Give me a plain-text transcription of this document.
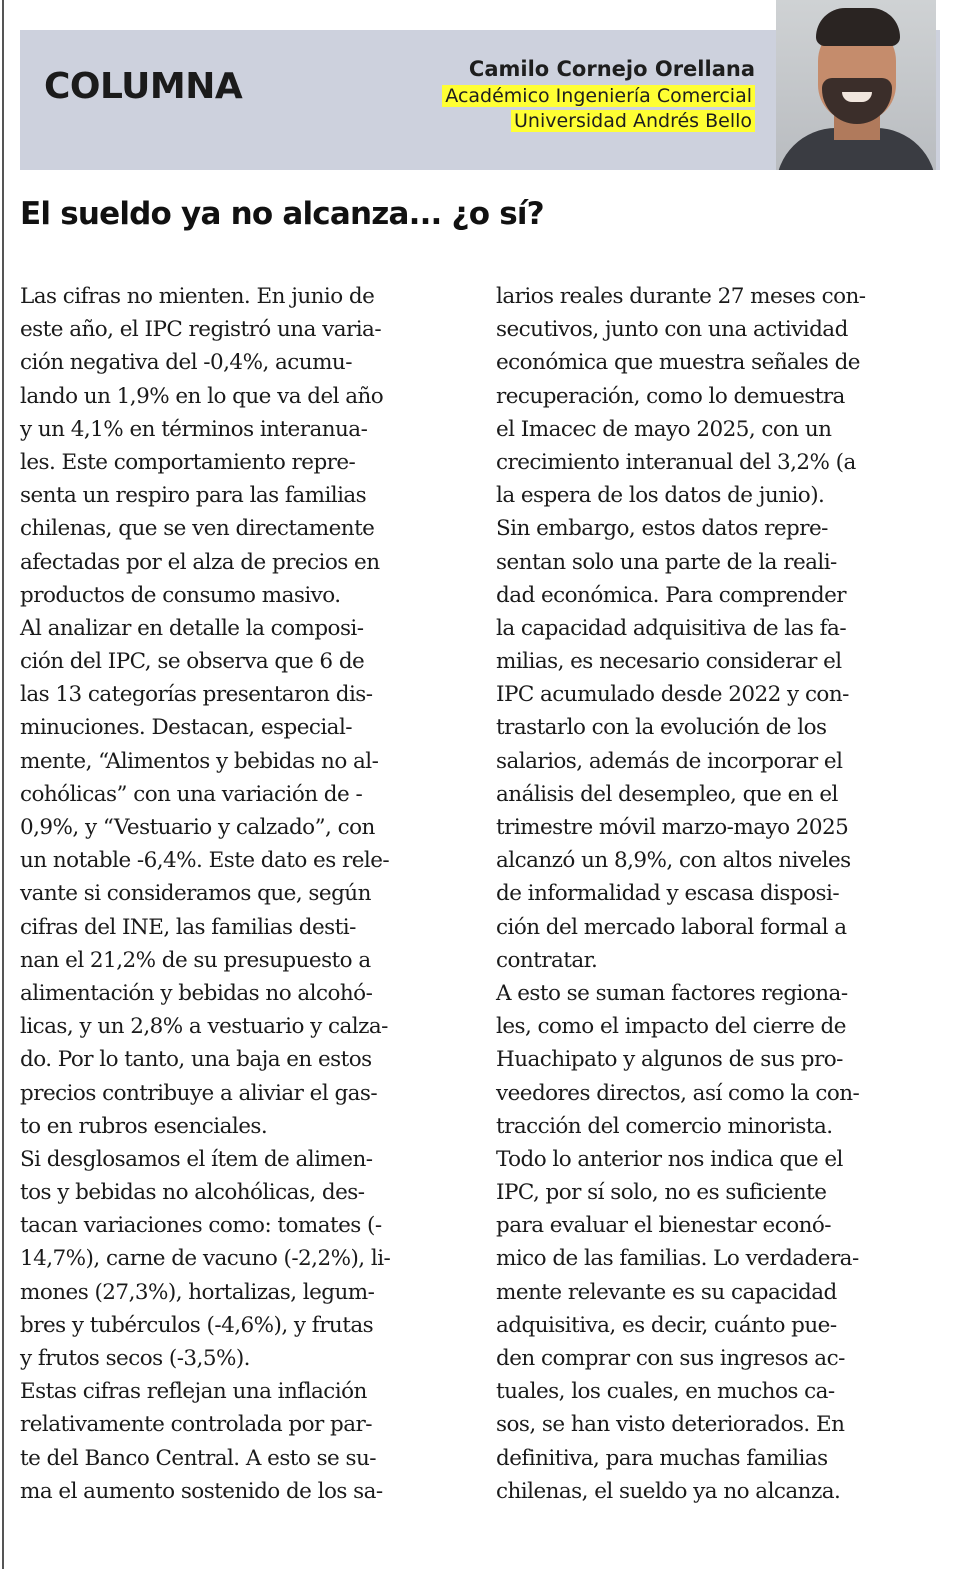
COLUMNA	Camilo Cornejo Orellana
Académico Ingeniería Comercial
Universidad Andrés Bello
El sueldo ya no alcanza... ¿o sí?
Las cifras no mienten. En junio de
este año, el IPC registró una varia-
ción negativa del -0,4%, acumu-
lando un 1,9% en lo que va del año
y un 4,1% en términos interanua-
les. Este comportamiento repre-
senta un respiro para las familias
chilenas, que se ven directamente
afectadas por el alza de precios en
productos de consumo masivo.
Al analizar en detalle la composi-
ción del IPC, se observa que 6 de
las 13 categorías presentaron dis-
minuciones. Destacan, especial-
mente, “Alimentos y bebidas no al-
cohólicas” con una variación de -
0,9%, y “Vestuario y calzado”, con
un notable -6,4%. Este dato es rele-
vante si consideramos que, según
cifras del INE, las familias desti-
nan el 21,2% de su presupuesto a
alimentación y bebidas no alcohó-
licas, y un 2,8% a vestuario y calza-
do. Por lo tanto, una baja en estos
precios contribuye a aliviar el gas-
to en rubros esenciales.
Si desglosamos el ítem de alimen-
tos y bebidas no alcohólicas, des-
tacan variaciones como: tomates (-
14,7%), carne de vacuno (-2,2%), li-
mones (27,3%), hortalizas, legum-
bres y tubérculos (-4,6%), y frutas
y frutos secos (-3,5%).
Estas cifras reflejan una inflación
relativamente controlada por par-
te del Banco Central. A esto se su-
ma el aumento sostenido de los sa-
larios reales durante 27 meses con-
secutivos, junto con una actividad
económica que muestra señales de
recuperación, como lo demuestra
el Imacec de mayo 2025, con un
crecimiento interanual del 3,2% (a
la espera de los datos de junio).
Sin embargo, estos datos repre-
sentan solo una parte de la reali-
dad económica. Para comprender
la capacidad adquisitiva de las fa-
milias, es necesario considerar el
IPC acumulado desde 2022 y con-
trastarlo con la evolución de los
salarios, además de incorporar el
análisis del desempleo, que en el
trimestre móvil marzo-mayo 2025
alcanzó un 8,9%, con altos niveles
de informalidad y escasa disposi-
ción del mercado laboral formal a
contratar.
A esto se suman factores regiona-
les, como el impacto del cierre de
Huachipato y algunos de sus pro-
veedores directos, así como la con-
tracción del comercio minorista.
Todo lo anterior nos indica que el
IPC, por sí solo, no es suficiente
para evaluar el bienestar econó-
mico de las familias. Lo verdadera-
mente relevante es su capacidad
adquisitiva, es decir, cuánto pue-
den comprar con sus ingresos ac-
tuales, los cuales, en muchos ca-
sos, se han visto deteriorados. En
definitiva, para muchas familias
chilenas, el sueldo ya no alcanza.
